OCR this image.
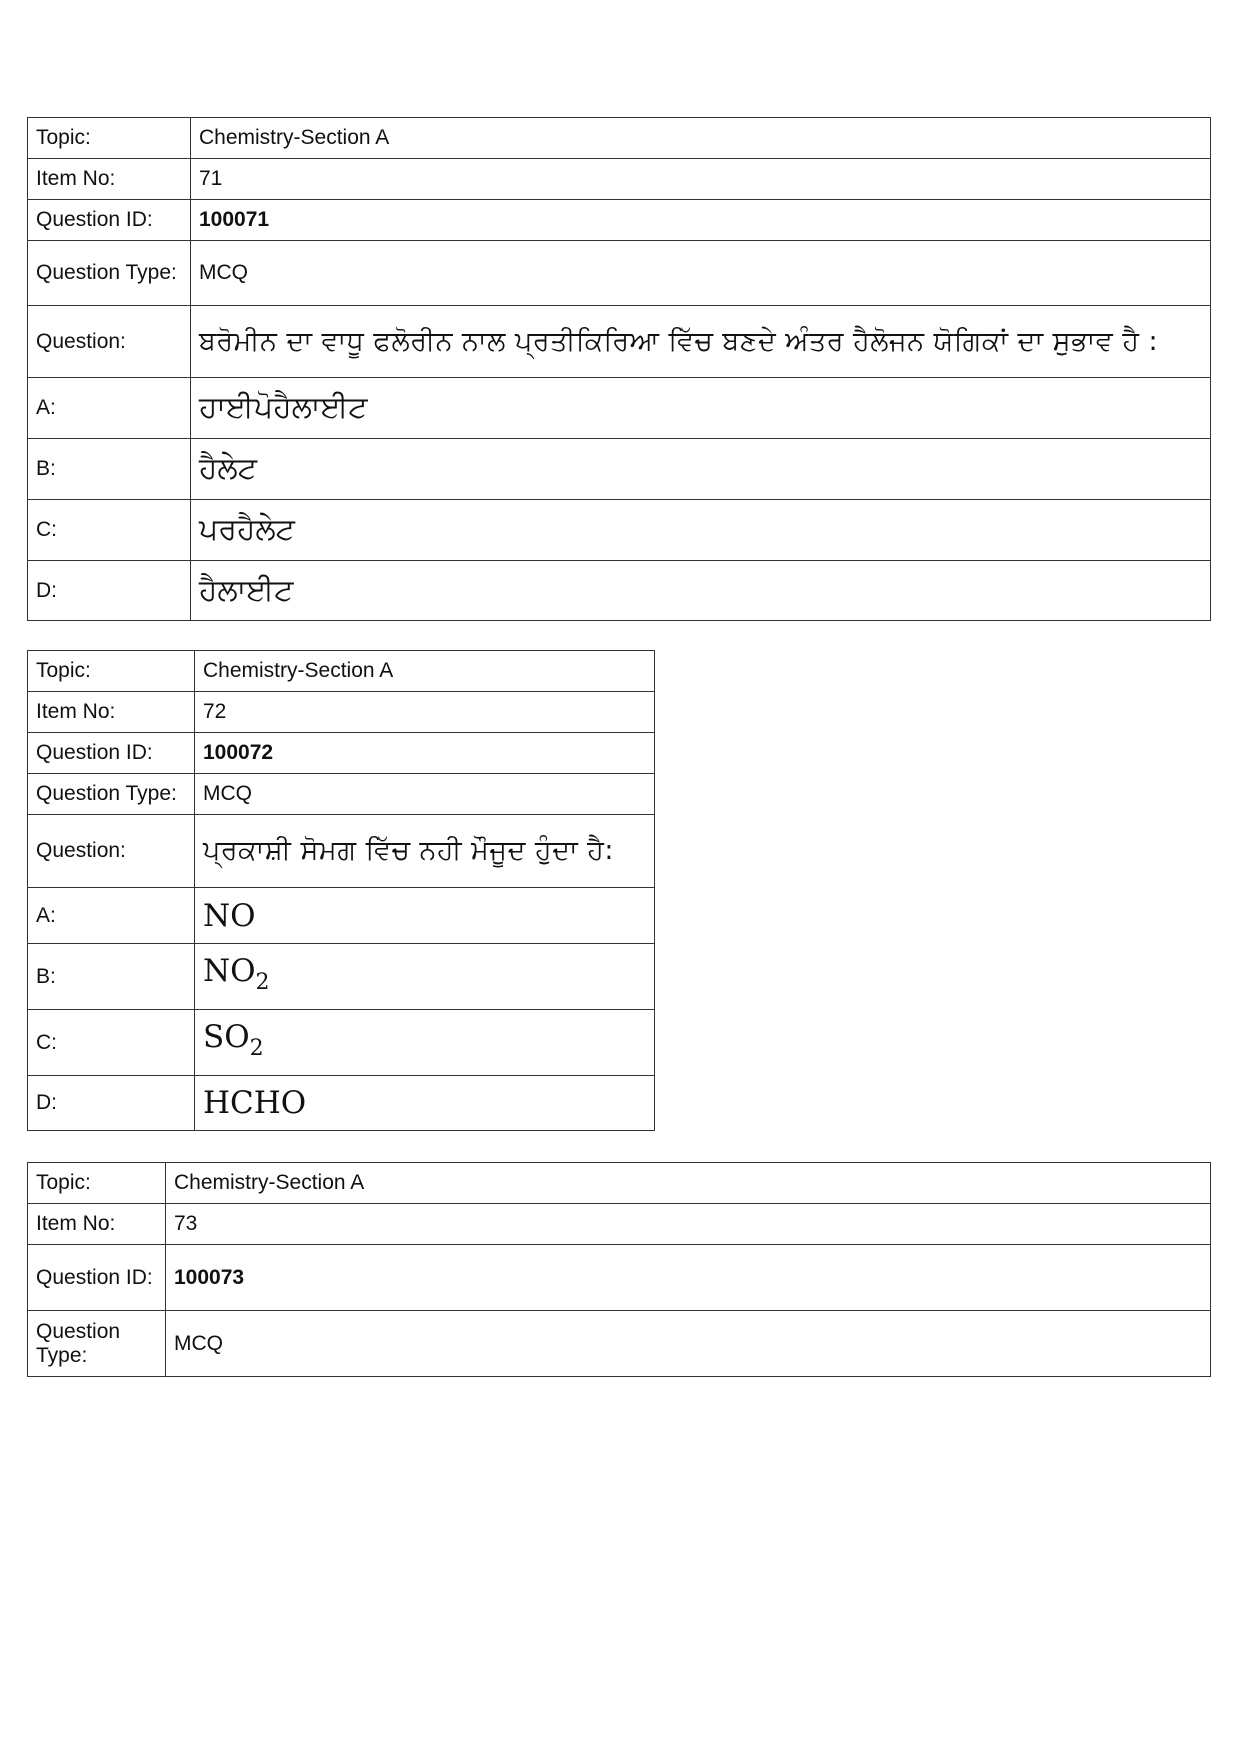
Topic:	Chemistry-Section A
Item No:	71
Question ID:	100071
Question Type:	MCQ
Question:	ਬਰੋਮੀਨ ਦਾ ਵਾਧੂ ਫਲੋਰੀਨ ਨਾਲ ਪ੍ਰਤੀਕਿਰਿਆ ਵਿੱਚ ਬਣਦੇ ਅੰਤਰ ਹੈਲੋਜਨ ਯੋਗਿਕਾਂ ਦਾ ਸੁਭਾਵ ਹੈ :
A:	ਹਾਈਪੋਹੈਲਾਈਟ
B:	ਹੈਲੇਟ
C:	ਪਰਹੈਲੇਟ
D:	ਹੈਲਾਈਟ
Topic:	Chemistry-Section A
Item No:	72
Question ID:	100072
Question Type:	MCQ
Question:	ਪ੍ਰਕਾਸ਼ੀ ਸੋਮਗ ਵਿੱਚ ਨਹੀ ਮੌਜੂਦ ਹੁੰਦਾ ਹੈ:
A:	NO
B:	$NO_2$
C:	$SO_2$
D:	HCHO
Topic:	Chemistry-Section A
Item No:	73
Question ID:	100073
Question Type:	MCQ
